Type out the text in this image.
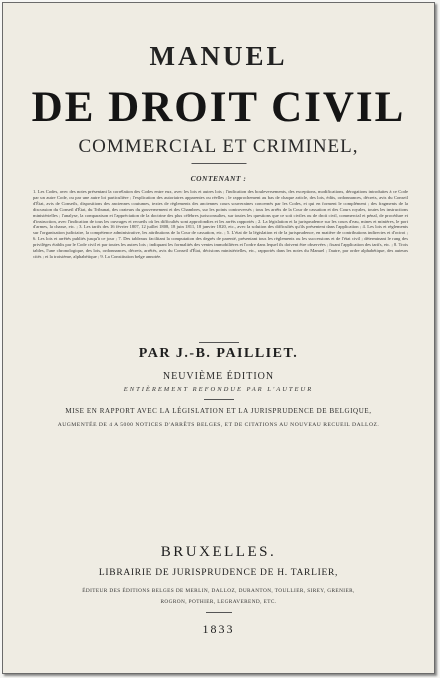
MANUEL
DE DROIT CIVIL
COMMERCIAL ET CRIMINEL,
CONTENANT :
1. Les Codes, avec des notes présentant la corrélation des Codes entre eux, avec les lois et autres lois ; l'indication des bouleversements, des exceptions, modifications, dérogations introduites à ce Code par un autre Code, ou par une autre loi particulière ; l'explication des autoriaires apparentes ou réelles ; le rapprochement au bas de chaque article, des lois, édits, ordonnances, décrets, avis du Conseil d'État, avis de Conseils, dispositions des anciennes coutumes, textes de règlements des anciennes cours souveraines concernés par les Codes, et qui en forment le complément ; des fragments de la discussion du Conseil d'État, du Tribunat, des orateurs du gouvernement et des Chambres, sur les points controversés ; tous les arrêts de la Cour de cassation et des Cours royales, toutes les instructions ministérielles ; l'analyse, la comparaison et l'appréciation de la doctrine des plus célèbres jurisconsultes, sur toutes les questions que ce soit civiles ou de droit civil, commercial et pénal, de procédure et d'instruction, avec l'indication de tous les ouvrages et recueils où les difficultés sont approfondies et les arrêts rapportés ; 2. La législation et la jurisprudence sur les cours d'eau, mines et minières, le port d'armes, la chasse, etc. ; 3. Les tarifs des 16 février 1807, 12 juillet 1808, 18 juin 1811, 18 janvier 1820, etc., avec la solution des difficultés qu'ils présentent dans l'application ; 4. Les lois et règlements sur l'organisation judiciaire, la compétence administrative, les attributions de la Cour de cassation, etc. ; 5. L'état de la législation et de la jurisprudence, en matière de contributions indirectes et d'octroi ; 6. Les lois et arrêtés publiés jusqu'à ce jour ; 7. Des tableaux facilitant la computation des degrés de parenté, présentant tous les règlements ou les successions et de l'état civil ; déterminant le rang des privilèges établis par le Code civil et par toutes les autres lois ; indiquant les formalités des ventes immobilières et l'ordre dans lequel ils doivent être observées ; fixant l'application des tarifs, etc. ; 8. Trois tables, l'une chronologique, des lois, ordonnances, décrets, arrêtés, avis du Conseil d'État, décisions ministérielles, etc., rapportés dans les notes du Manuel ; l'autre, par ordre alphabétique, des auteurs cités ; et la troisième, alphabétique ; 9. La Constitution belge annotée.
PAR J.-B. PAILLIET.
NEUVIÈME ÉDITION
ENTIÈREMENT REFONDUE PAR L'AUTEUR
MISE EN RAPPORT AVEC LA LÉGISLATION ET LA JURISPRUDENCE DE BELGIQUE,
AUGMENTÉE DE 4 A 5000 NOTICES D'ARRÊTS BELGES, ET DE CITATIONS AU NOUVEAU RECUEIL DALLOZ.
BRUXELLES.
LIBRAIRIE DE JURISPRUDENCE DE H. TARLIER,
ÉDITEUR DES ÉDITIONS BELGES DE MERLIN, DALLOZ, DURANTON, TOULLIER, SIREY, GRENIER,
ROGRON, POTHIER, LEGRAVEREND, ETC.
1833
